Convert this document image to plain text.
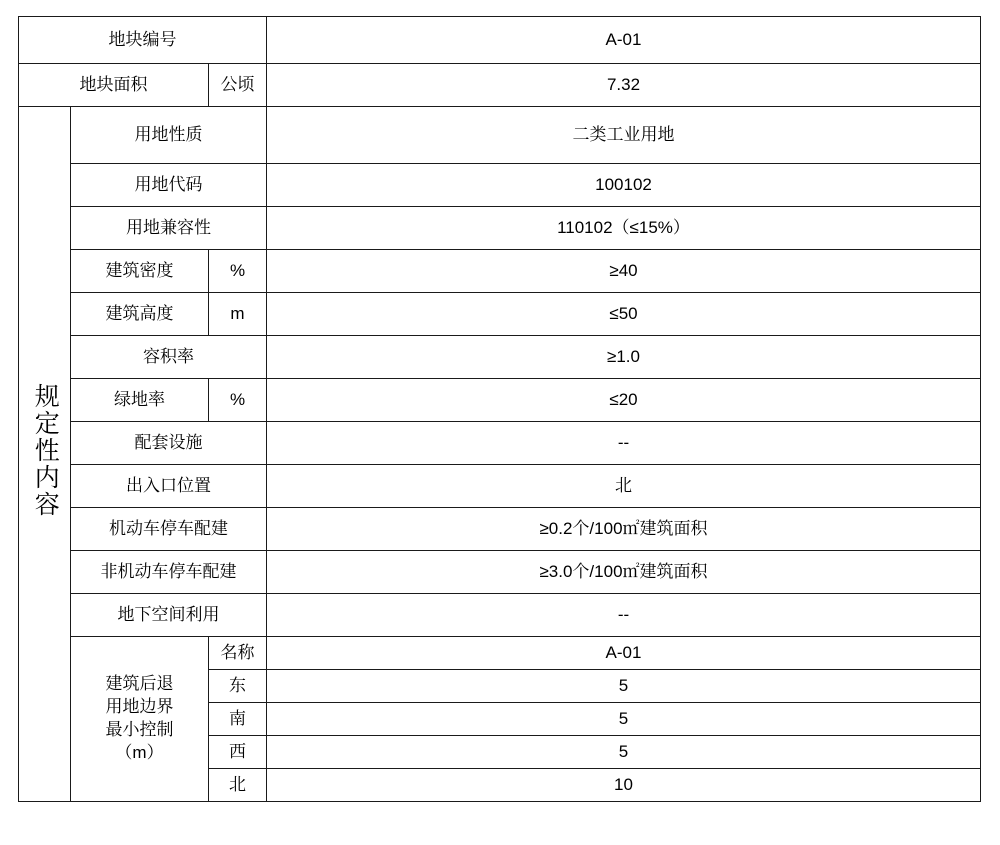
地块编号			A-01
地块面积		公顷	7.32
规定性内容	用地性质		二类工业用地
	用地代码		100102
	用地兼容性		110102（≤15%）
	建筑密度	%	≥40
	建筑高度	m	≤50
	容积率		≥1.0
	绿地率	%	≤20
	配套设施		--
	出入口位置		北
	机动车停车配建		≥0.2个/100㎡建筑面积
	非机动车停车配建		≥3.0个/100㎡建筑面积
	地下空间利用		--

	建筑后退
用地边界
最小控制
（m）	名称	A-01
		东	5
		南	5
		西	5
		北	10
